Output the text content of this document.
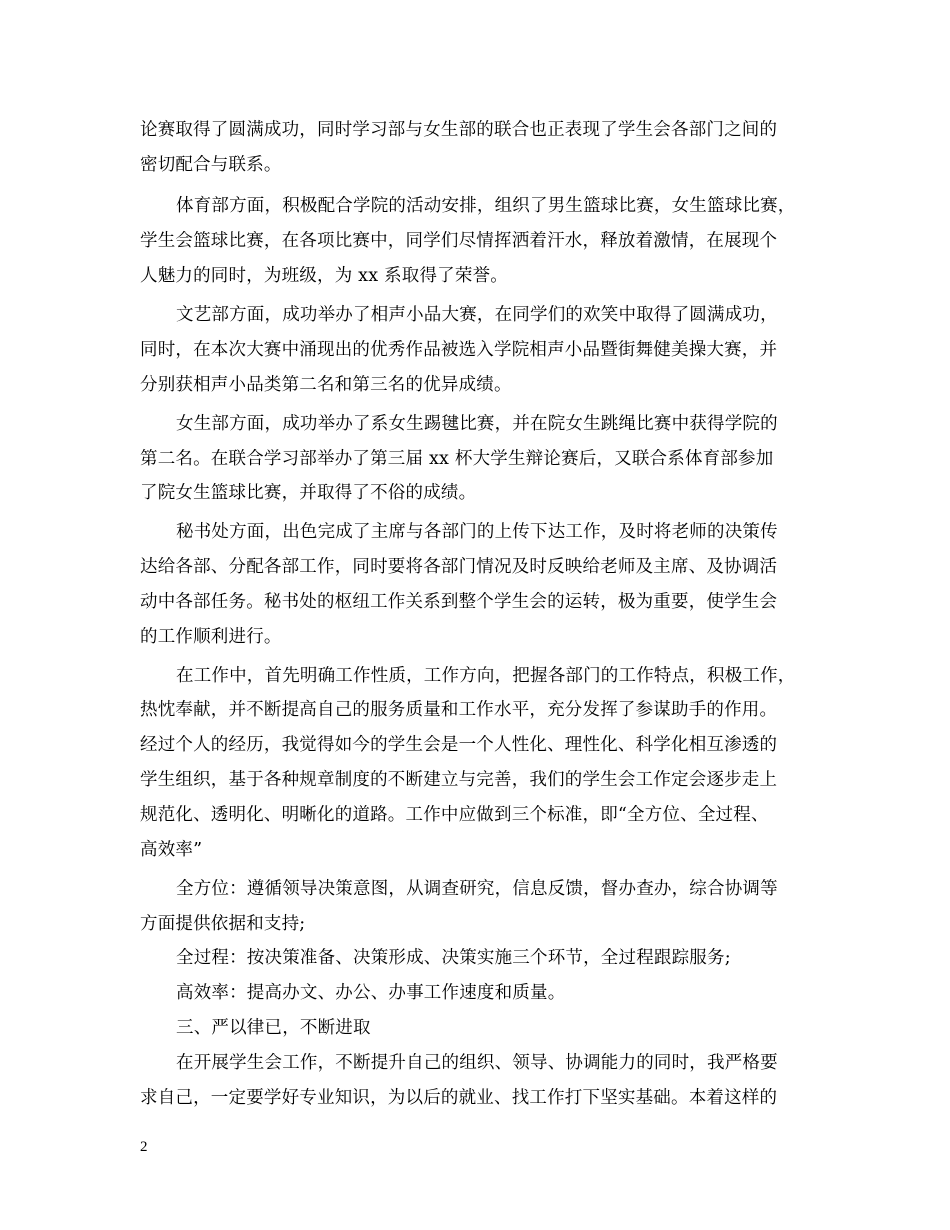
论赛取得了圆满成功，同时学习部与女生部的联合也正表现了学生会各部门之间的
密切配合与联系。
体育部方面，积极配合学院的活动安排，组织了男生篮球比赛，女生篮球比赛，
学生会篮球比赛，在各项比赛中，同学们尽情挥洒着汗水，释放着激情，在展现个
人魅力的同时，为班级，为 xx 系取得了荣誉。
文艺部方面，成功举办了相声小品大赛，在同学们的欢笑中取得了圆满成功，
同时，在本次大赛中涌现出的优秀作品被选入学院相声小品暨街舞健美操大赛，并
分别获相声小品类第二名和第三名的优异成绩。
女生部方面，成功举办了系女生踢毽比赛，并在院女生跳绳比赛中获得学院的
第二名。在联合学习部举办了第三届 xx 杯大学生辩论赛后，又联合系体育部参加
了院女生篮球比赛，并取得了不俗的成绩。
秘书处方面，出色完成了主席与各部门的上传下达工作，及时将老师的决策传
达给各部、分配各部工作，同时要将各部门情况及时反映给老师及主席、及协调活
动中各部任务。秘书处的枢纽工作关系到整个学生会的运转，极为重要，使学生会
的工作顺利进行。
在工作中，首先明确工作性质，工作方向，把握各部门的工作特点，积极工作，
热忱奉献，并不断提高自己的服务质量和工作水平，充分发挥了参谋助手的作用。
经过个人的经历，我觉得如今的学生会是一个人性化、理性化、科学化相互渗透的
学生组织，基于各种规章制度的不断建立与完善，我们的学生会工作定会逐步走上
规范化、透明化、明晰化的道路。工作中应做到三个标准，即“全方位、全过程、
高效率”
全方位：遵循领导决策意图，从调查研究，信息反馈，督办查办，综合协调等
方面提供依据和支持;
全过程：按决策准备、决策形成、决策实施三个环节，全过程跟踪服务;
高效率：提高办文、办公、办事工作速度和质量。
三、严以律已，不断进取
在开展学生会工作，不断提升自己的组织、领导、协调能力的同时，我严格要
求自己，一定要学好专业知识，为以后的就业、找工作打下坚实基础。本着这样的
2
